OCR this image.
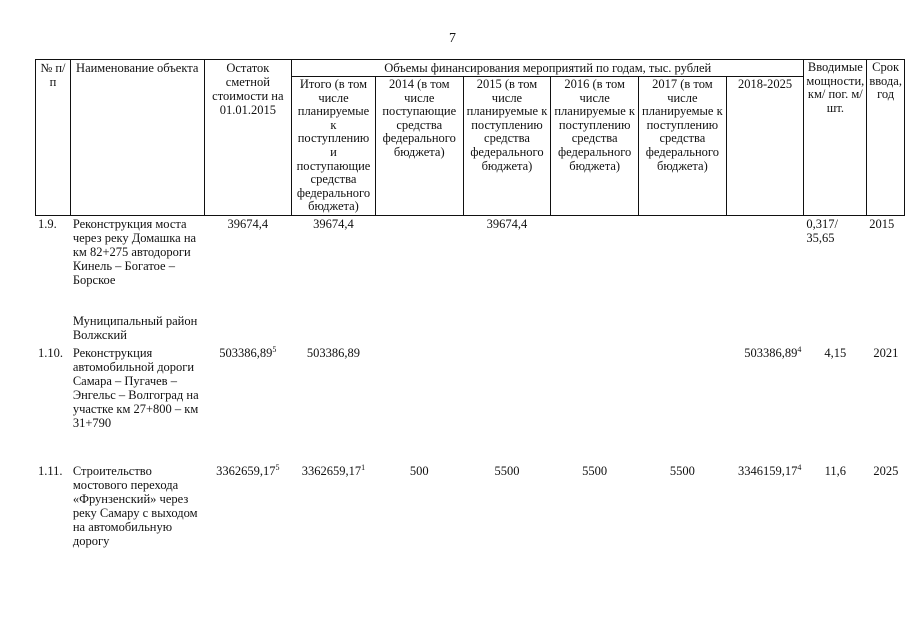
7
№ п/п	Наименование объекта	Остаток сметной стоимости на 01.01.2015	Объемы финансирования мероприятий по годам, тыс. рублей						Вводимые мощности, км/ пог. м/шт.	Срок ввода, год
			Итого (в том числе планируемые к поступлению и поступающие средства федерального бюджета)	2014 (в том числе поступающие средства федерального бюджета)	2015 (в том числе планируемые к поступлению средства федерального бюджета)	2016 (в том числе планируемые к поступлению средства федерального бюджета)	2017 (в том числе планируемые к поступлению средства федерального бюджета)	2018-2025		
1.9.	Реконструкция моста через реку Домашка на км 82+275 автодороги Кинель – Богатое – Борское	39674,4	39674,4		39674,4				0,317/ 35,65	2015
	Муниципальный район Волжский									
1.10.	Реконструкция автомобильной дороги Самара – Пугачев – Энгельс – Волгоград на участке км 27+800 – км 31+790	503386,89$^5$	503386,89					503386,89$^4$	4,15	2021
1.11.	Строительство мостового перехода «Фрунзенский» через реку Самару с выходом на автомобильную дорогу	3362659,17$^5$	3362659,17$^1$	500	5500	5500	5500	3346159,17$^4$	11,6	2025
